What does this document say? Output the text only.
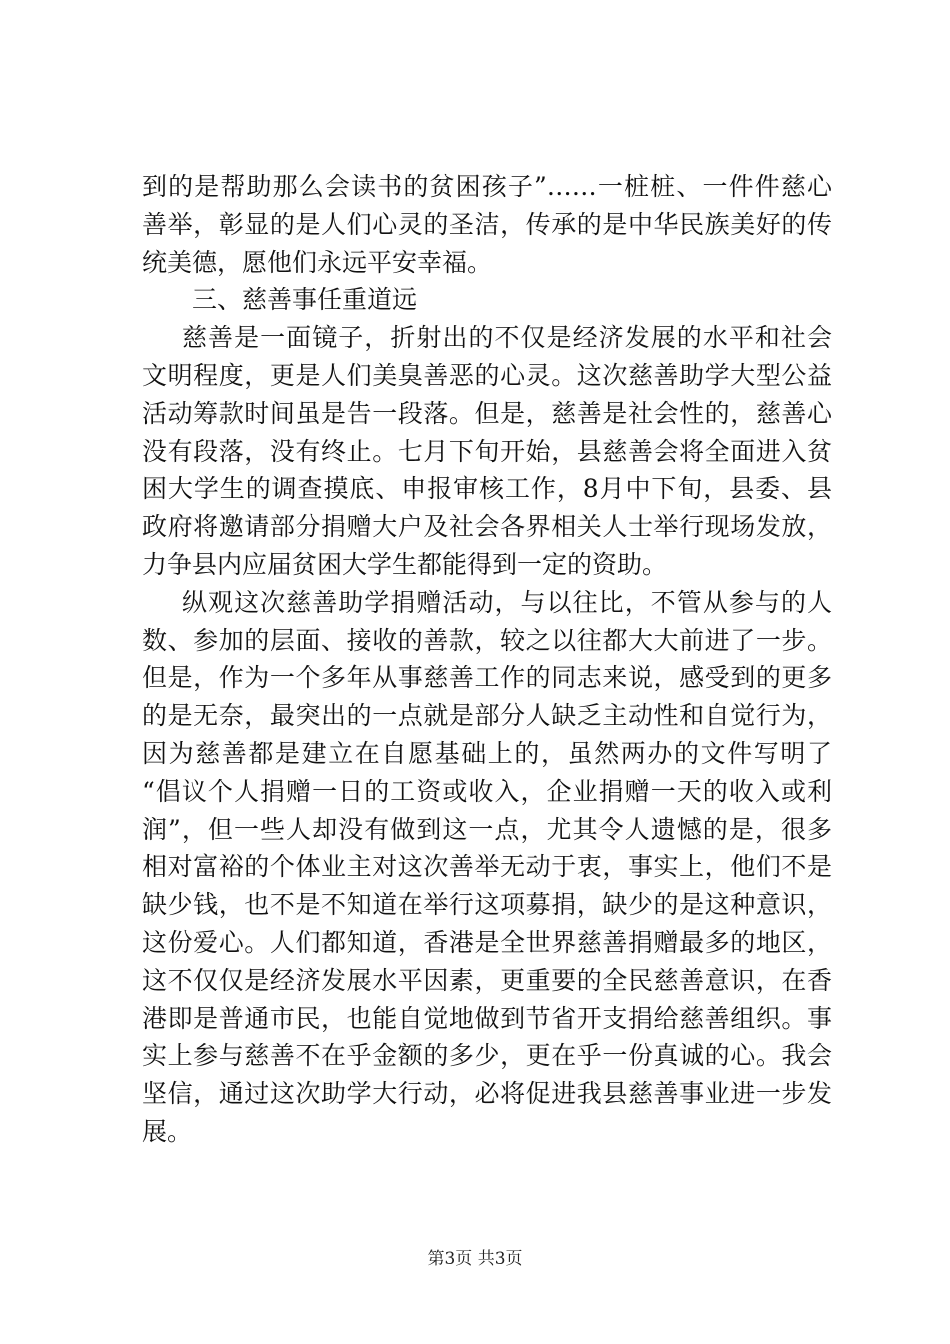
到的是帮助那么会读书的贫困孩子”……一桩桩、一件件慈心
善举，彰显的是人们心灵的圣洁，传承的是中华民族美好的传
统美德，愿他们永远平安幸福。
三、慈善事任重道远
慈善是一面镜子，折射出的不仅是经济发展的水平和社会
文明程度，更是人们美臭善恶的心灵。这次慈善助学大型公益
活动筹款时间虽是告一段落。但是，慈善是社会性的，慈善心
没有段落，没有终止。七月下旬开始，县慈善会将全面进入贫
困大学生的调查摸底、申报审核工作，8月中下旬，县委、县
政府将邀请部分捐赠大户及社会各界相关人士举行现场发放，
力争县内应届贫困大学生都能得到一定的资助。
纵观这次慈善助学捐赠活动，与以往比，不管从参与的人
数、参加的层面、接收的善款，较之以往都大大前进了一步。
但是，作为一个多年从事慈善工作的同志来说，感受到的更多
的是无奈，最突出的一点就是部分人缺乏主动性和自觉行为，
因为慈善都是建立在自愿基础上的，虽然两办的文件写明了
“倡议个人捐赠一日的工资或收入，企业捐赠一天的收入或利
润”，但一些人却没有做到这一点，尤其令人遗憾的是，很多
相对富裕的个体业主对这次善举无动于衷，事实上，他们不是
缺少钱，也不是不知道在举行这项募捐，缺少的是这种意识，
这份爱心。人们都知道，香港是全世界慈善捐赠最多的地区，
这不仅仅是经济发展水平因素，更重要的全民慈善意识，在香
港即是普通市民，也能自觉地做到节省开支捐给慈善组织。事
实上参与慈善不在乎金额的多少，更在乎一份真诚的心。我会
坚信，通过这次助学大行动，必将促进我县慈善事业进一步发
展。
第3页 共3页
